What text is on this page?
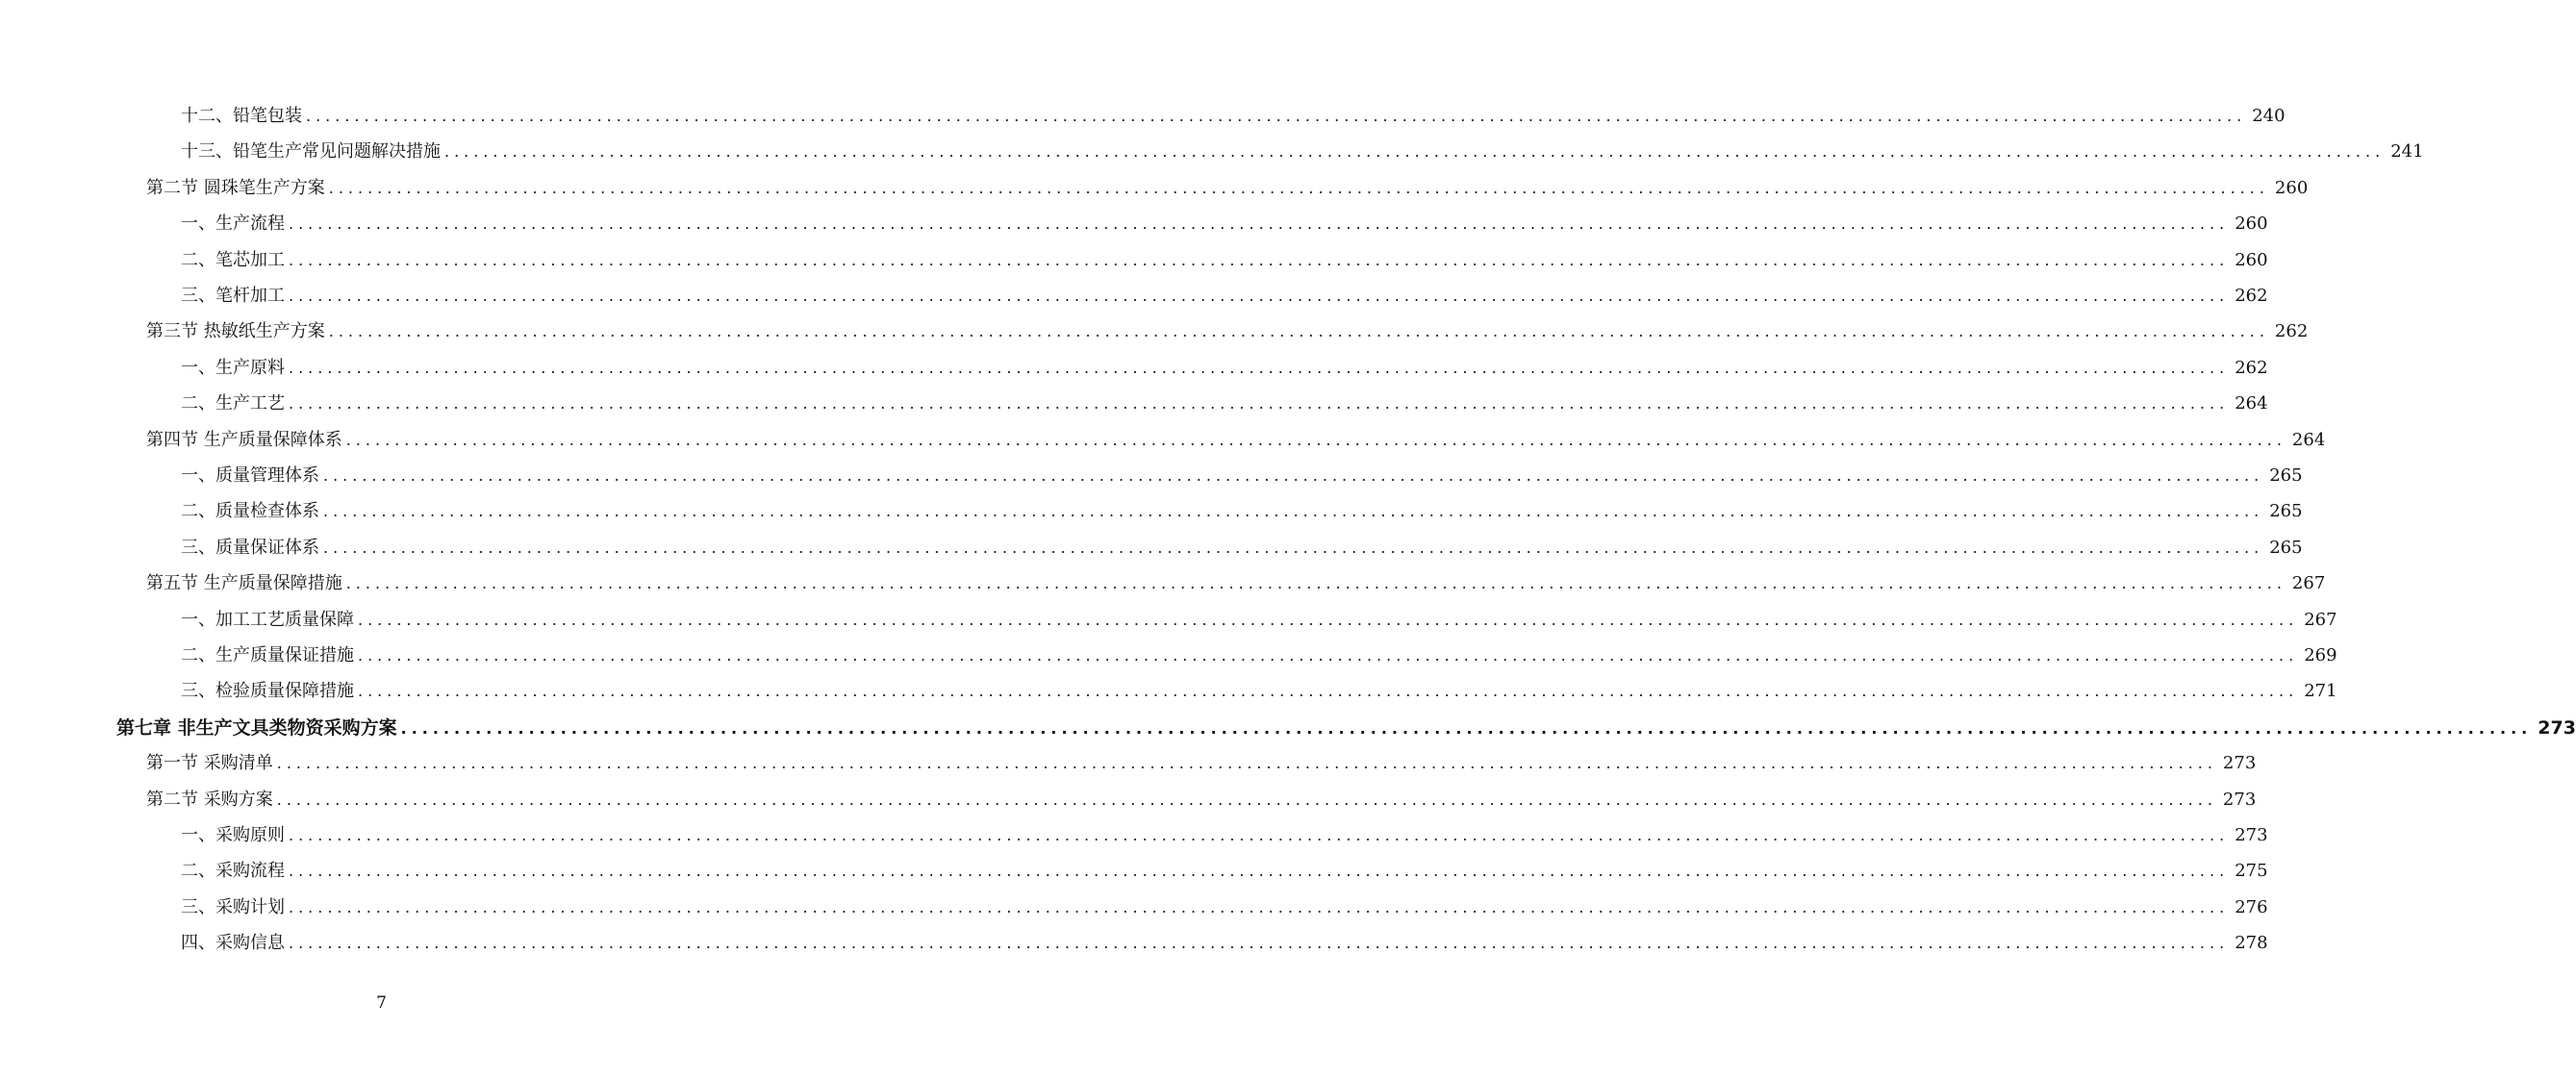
十二、铅笔包装 ........................................................................................................................................................................................................ 240
十三、铅笔生产常见问题解决措施 ........................................................................................................................................................................................................ 241
第二节 圆珠笔生产方案 ........................................................................................................................................................................................................ 260
一、生产流程 ........................................................................................................................................................................................................ 260
二、笔芯加工 ........................................................................................................................................................................................................ 260
三、笔杆加工 ........................................................................................................................................................................................................ 262
第三节 热敏纸生产方案 ........................................................................................................................................................................................................ 262
一、生产原料 ........................................................................................................................................................................................................ 262
二、生产工艺 ........................................................................................................................................................................................................ 264
第四节 生产质量保障体系 ........................................................................................................................................................................................................ 264
一、质量管理体系 ........................................................................................................................................................................................................ 265
二、质量检查体系 ........................................................................................................................................................................................................ 265
三、质量保证体系 ........................................................................................................................................................................................................ 265
第五节 生产质量保障措施 ........................................................................................................................................................................................................ 267
一、加工工艺质量保障 ........................................................................................................................................................................................................ 267
二、生产质量保证措施 ........................................................................................................................................................................................................ 269
三、检验质量保障措施 ........................................................................................................................................................................................................ 271
第七章 非生产文具类物资采购方案 ........................................................................................................................................................................................................ 273
第一节 采购清单 ........................................................................................................................................................................................................ 273
第二节 采购方案 ........................................................................................................................................................................................................ 273
一、采购原则 ........................................................................................................................................................................................................ 273
二、采购流程 ........................................................................................................................................................................................................ 275
三、采购计划 ........................................................................................................................................................................................................ 276
四、采购信息 ........................................................................................................................................................................................................ 278
7
